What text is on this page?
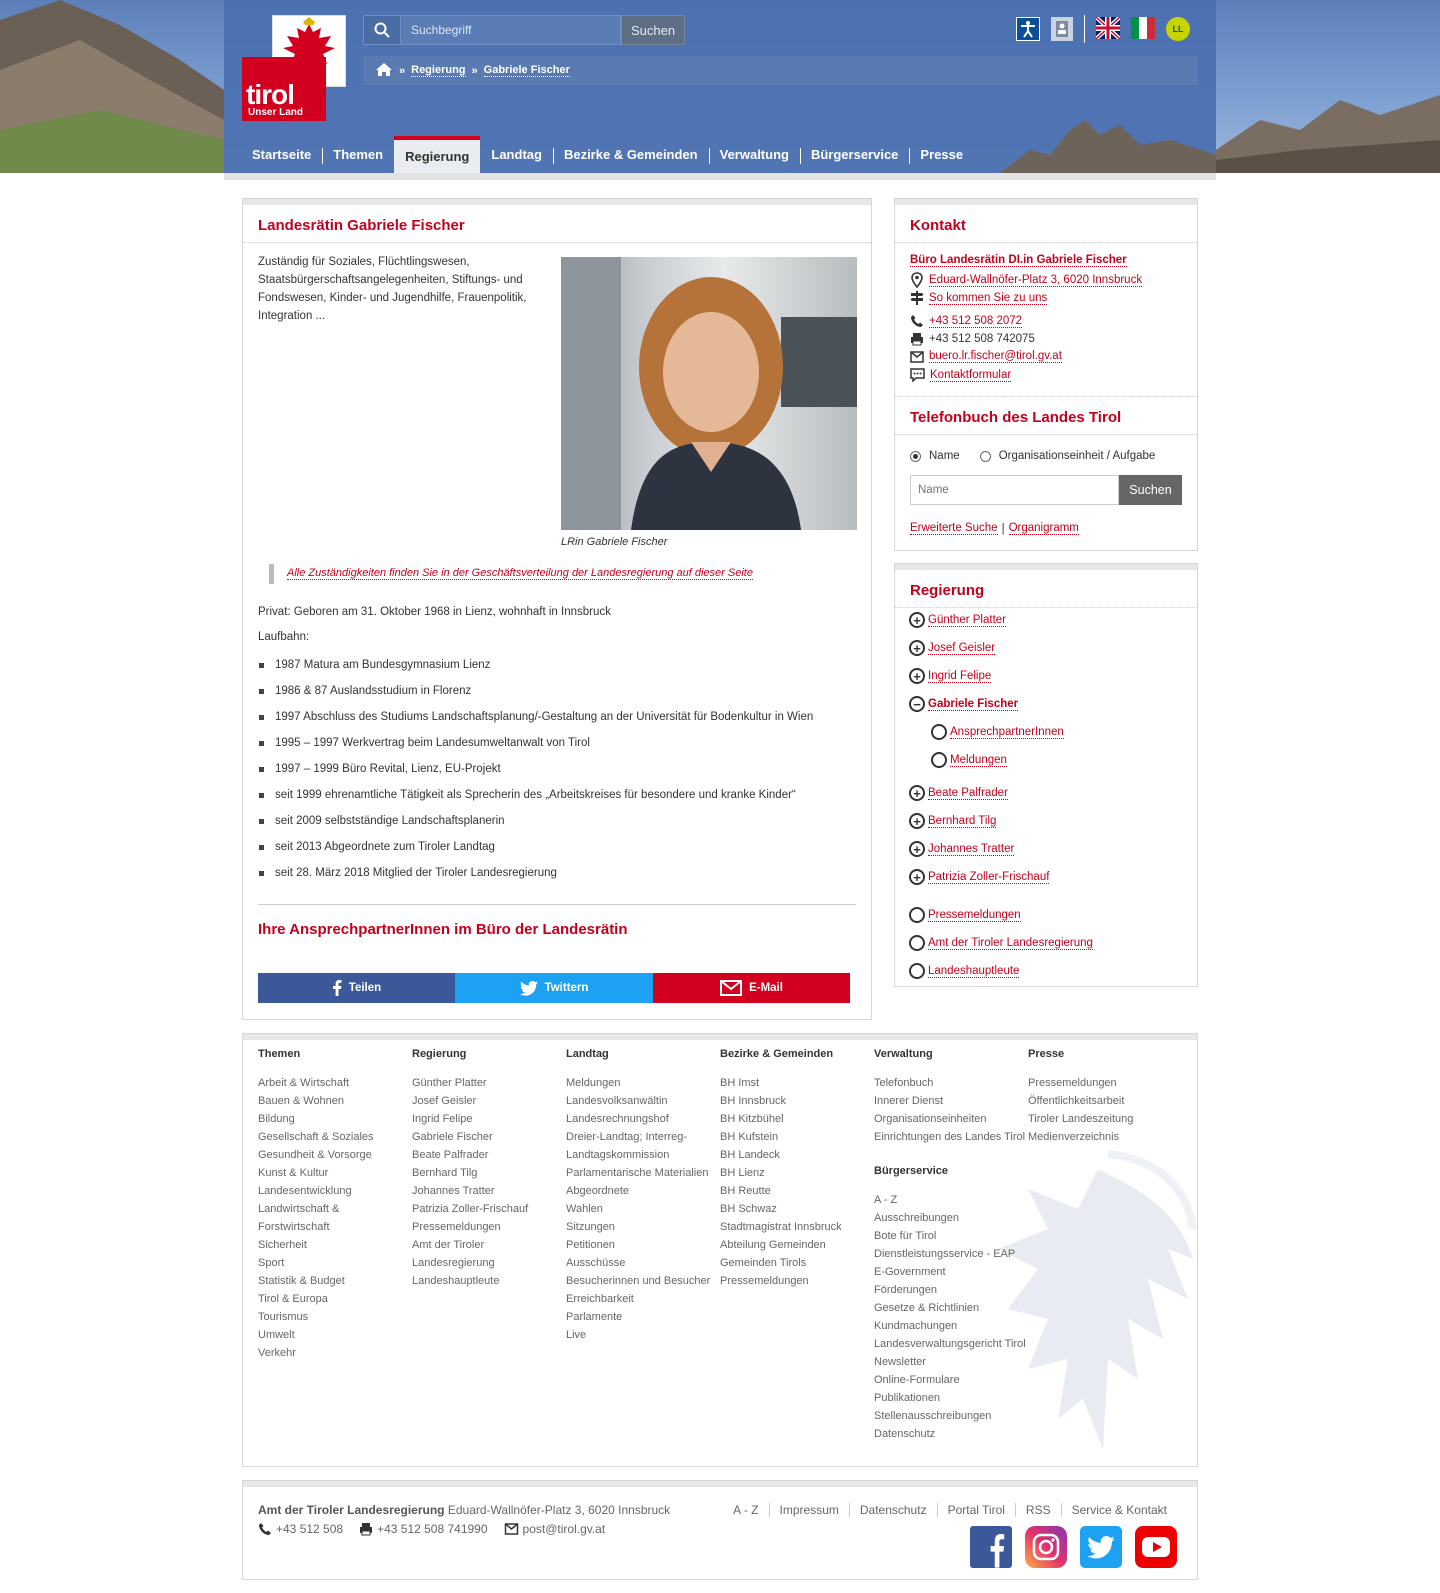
tirol
Unser Land
Suchbegriff
Suchen	LL
» Regierung » Gabriele Fischer
Startseite	Themen	Regierung	Landtag	Bezirke & Gemeinden	Verwaltung	Bürgerservice	Presse
Landesrätin Gabriele Fischer

Zuständig für Soziales, Flüchtlingswesen, Staatsbürgerschaftsangelegenheiten, Stiftungs- und Fondswesen, Kinder- und Jugendhilfe, Frauenpolitik, Integration ...

LRin Gabriele Fischer

Alle Zuständigkeiten finden Sie in der Geschäftsverteilung der Landesregierung auf dieser Seite

Privat: Geboren am 31. Oktober 1968 in Lienz, wohnhaft in Innsbruck

Laufbahn:

1987 Matura am Bundesgymnasium Lienz
1986 & 87 Auslandsstudium in Florenz
1997 Abschluss des Studiums Landschaftsplanung/-Gestaltung an der Universität für Bodenkultur in Wien
1995 – 1997 Werkvertrag beim Landesumweltanwalt von Tirol
1997 – 1999 Büro Revital, Lienz, EU-Projekt
seit 1999 ehrenamtliche Tätigkeit als Sprecherin des „Arbeitskreises für besondere und kranke Kinder“
seit 2009 selbstständige Landschaftsplanerin
seit 2013 Abgeordnete zum Tiroler Landtag
seit 28. März 2018 Mitglied der Tiroler Landesregierung
Ihre AnsprechpartnerInnen im Büro der Landesrätin
Teilen	Twittern	E-Mail
Kontakt
Büro Landesrätin DI.in Gabriele Fischer
Eduard-Wallnöfer-Platz 3, 6020 Innsbruck
So kommen Sie zu uns
+43 512 508 2072
+43 512 508 742075
buero.lr.fischer@tirol.gv.at
Kontaktformular
Telefonbuch des Landes Tirol
Name	Organisationseinheit / Aufgabe
Name
Suchen
Erweiterte Suche | Organigramm
Regierung
+ Günther Platter
+ Josef Geisler
+ Ingrid Felipe
− Gabriele Fischer
AnsprechpartnerInnen
Meldungen
+ Beate Palfrader
+ Bernhard Tilg
+ Johannes Tratter
+ Patrizia Zoller-Frischauf
Pressemeldungen
Amt der Tiroler Landesregierung
Landeshauptleute
Themen
Arbeit & Wirtschaft
Bauen & Wohnen
Bildung
Gesellschaft & Soziales
Gesundheit & Vorsorge
Kunst & Kultur
Landesentwicklung
Landwirtschaft &
Forstwirtschaft
Sicherheit
Sport
Statistik & Budget
Tirol & Europa
Tourismus
Umwelt
Verkehr
Regierung
Günther Platter
Josef Geisler
Ingrid Felipe
Gabriele Fischer
Beate Palfrader
Bernhard Tilg
Johannes Tratter
Patrizia Zoller-Frischauf
Pressemeldungen
Amt der Tiroler
Landesregierung
Landeshauptleute
Landtag
Meldungen
Landesvolksanwältin
Landesrechnungshof
Dreier-Landtag; Interreg-
Landtagskommission
Parlamentarische Materialien
Abgeordnete
Wahlen
Sitzungen
Petitionen
Ausschüsse
Besucherinnen und Besucher
Erreichbarkeit
Parlamente
Live
Bezirke & Gemeinden
BH Imst
BH Innsbruck
BH Kitzbühel
BH Kufstein
BH Landeck
BH Lienz
BH Reutte
BH Schwaz
Stadtmagistrat Innsbruck
Abteilung Gemeinden
Gemeinden Tirols
Pressemeldungen
Verwaltung
Telefonbuch
Innerer Dienst
Organisationseinheiten
Einrichtungen des Landes Tirol
Bürgerservice
A - Z
Ausschreibungen
Bote für Tirol
Dienstleistungsservice - EAP
E-Government
Förderungen
Gesetze & Richtlinien
Kundmachungen
Landesverwaltungsgericht Tirol
Newsletter
Online-Formulare
Publikationen
Stellenausschreibungen
Datenschutz
Presse
Pressemeldungen
Öffentlichkeitsarbeit
Tiroler Landeszeitung
Medienverzeichnis
Amt der Tiroler Landesregierung Eduard-Wallnöfer-Platz 3, 6020 Innsbruck
+43 512 508	+43 512 508 741990	post@tirol.gv.at
A - Z	Impressum	Datenschutz	Portal Tirol	RSS	Service & Kontakt
